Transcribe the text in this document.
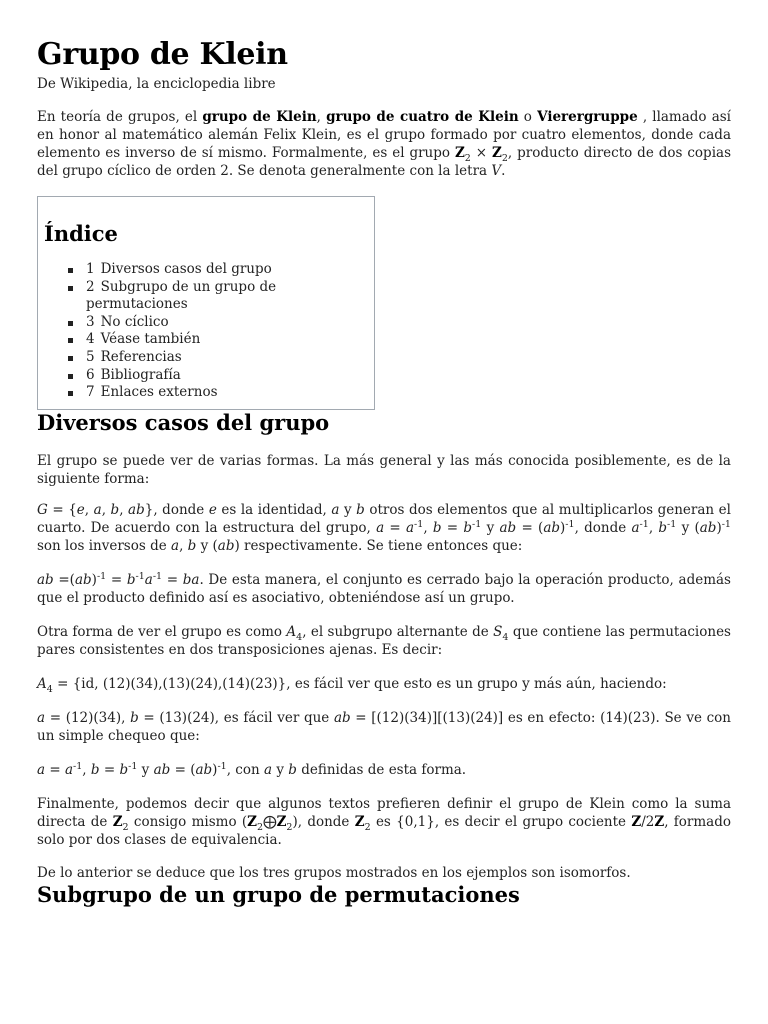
Grupo de Klein
De Wikipedia, la enciclopedia libre

En teoría de grupos, el grupo de Klein, grupo de cuatro de Klein o Vierergruppe , llamado así en honor al matemático alemán Felix Klein, es el grupo formado por cuatro elementos, donde cada elemento es inverso de sí mismo. Formalmente, es el grupo $Z_2 \times Z_2$, producto directo de dos copias del grupo cíclico de orden 2. Se denota generalmente con la letra V.

Índice
1 Diversos casos del grupo
2 Subgrupo de un grupo de permutaciones
3 No cíclico
4 Véase también
5 Referencias
6 Bibliografía
7 Enlaces externos
Diversos casos del grupo

El grupo se puede ver de varias formas. La más general y las más conocida posiblemente, es de la siguiente forma:

G = {e, a, b, ab}, donde e es la identidad, a y b otros dos elementos que al multiplicarlos generan el cuarto. De acuerdo con la estructura del grupo, $a = a^{-1}$, $b = b^{-1}$ y ab = (ab)$^{-1}$, donde $a^{-1}$, $b^{-1}$ y (ab)$^{-1}$ son los inversos de a, b y (ab) respectivamente. Se tiene entonces que:

ab $=(ab)^{-1} = b^{-1}a^{-1}$ = ba. De esta manera, el conjunto es cerrado bajo la operación producto, además que el producto definido así es asociativo, obteniéndose así un grupo.

Otra forma de ver el grupo es como $A_4$, el subgrupo alternante de $S_4$ que contiene las permutaciones pares consistentes en dos transposiciones ajenas. Es decir:

$A_4 = \{id$, (12)(34),(13)(24),(14)(23)}, es fácil ver que esto es un grupo y más aún, haciendo:

a = (12)(34), b = (13)(24), es fácil ver que ab = [(12)(34)][(13)(24)] es en efecto: (14)(23). Se ve con un simple chequeo que:

$a = a^{-1}$, $b = b^{-1}$ y ab = (ab)$^{-1}$, con a y b definidas de esta forma.

Finalmente, podemos decir que algunos textos prefieren definir el grupo de Klein como la suma directa de $Z_2$ consigo mismo $(Z_2⨁Z_2)$, donde $Z_2$ es {0,1}, es decir el grupo cociente Z/2Z, formado solo por dos clases de equivalencia.

De lo anterior se deduce que los tres grupos mostrados en los ejemplos son isomorfos.

Subgrupo de un grupo de permutaciones
